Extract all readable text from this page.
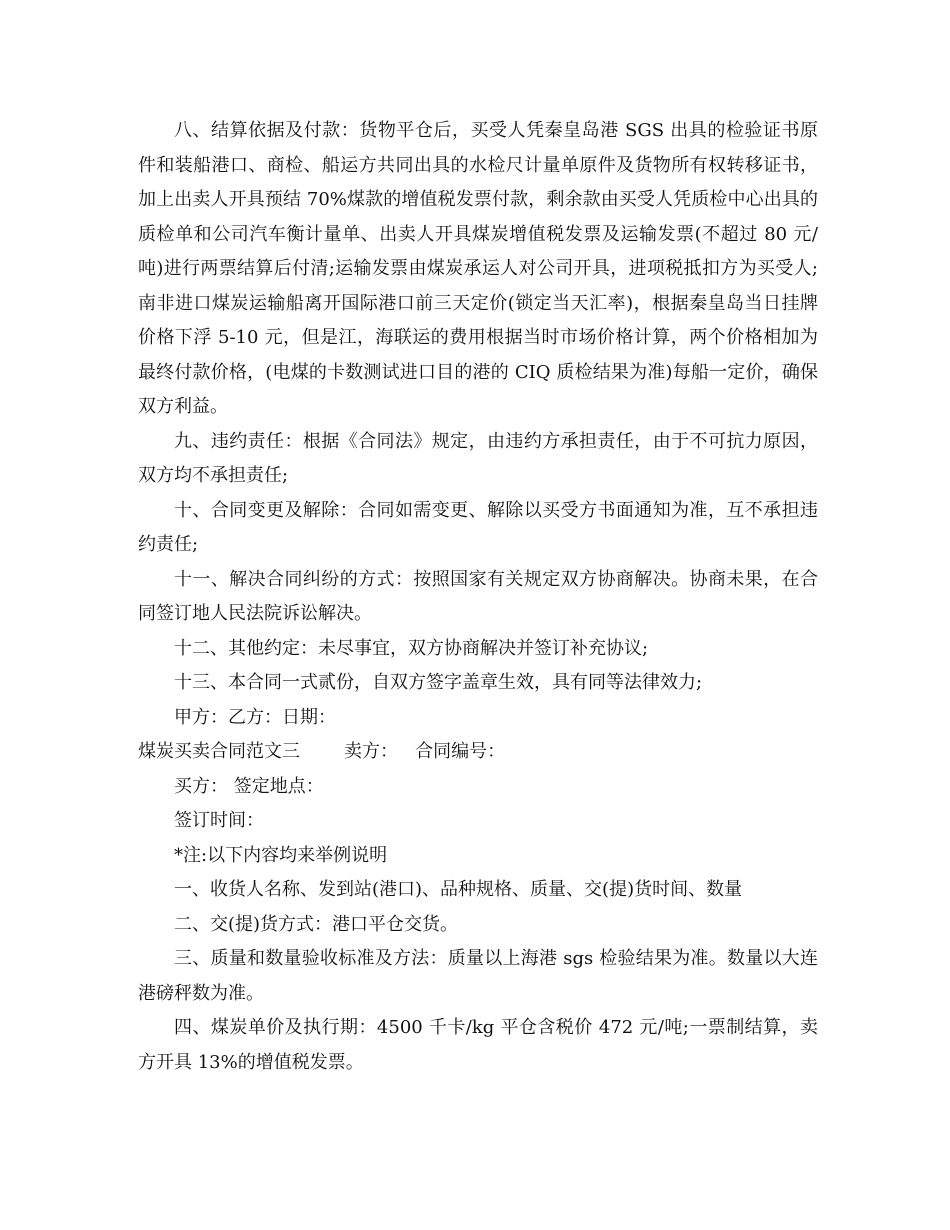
八、结算依据及付款：货物平仓后，买受人凭秦皇岛港 SGS 出具的检验证书原件和装船港口、商检、船运方共同出具的水检尺计量单原件及货物所有权转移证书，加上出卖人开具预结 70%煤款的增值税发票付款，剩余款由买受人凭质检中心出具的质检单和公司汽车衡计量单、出卖人开具煤炭增值税发票及运输发票(不超过 80 元/吨)进行两票结算后付清;运输发票由煤炭承运人对公司开具，进项税抵扣方为买受人;南非进口煤炭运输船离开国际港口前三天定价(锁定当天汇率)，根据秦皇岛当日挂牌价格下浮 5-10 元，但是江，海联运的费用根据当时市场价格计算，两个价格相加为最终付款价格，(电煤的卡数测试进口目的港的 CIQ 质检结果为准)每船一定价，确保双方利益。

九、违约责任：根据《合同法》规定，由违约方承担责任，由于不可抗力原因，双方均不承担责任;

十、合同变更及解除：合同如需变更、解除以买受方书面通知为准，互不承担违约责任;

十一、解决合同纠纷的方式：按照国家有关规定双方协商解决。协商未果，在合同签订地人民法院诉讼解决。

十二、其他约定：未尽事宜，双方协商解决并签订补充协议;

十三、本合同一式贰份，自双方签字盖章生效，具有同等法律效力;

甲方：乙方：日期：

煤炭买卖合同范文三 卖方： 合同编号：

买方： 签定地点：

签订时间：

*注:以下内容均来举例说明

一、收货人名称、发到站(港口)、品种规格、质量、交(提)货时间、数量

二、交(提)货方式：港口平仓交货。

三、质量和数量验收标准及方法：质量以上海港 sgs 检验结果为准。数量以大连港磅秤数为准。

四、煤炭单价及执行期：4500 千卡/kg 平仓含税价 472 元/吨;一票制结算，卖方开具 13%的增值税发票。
